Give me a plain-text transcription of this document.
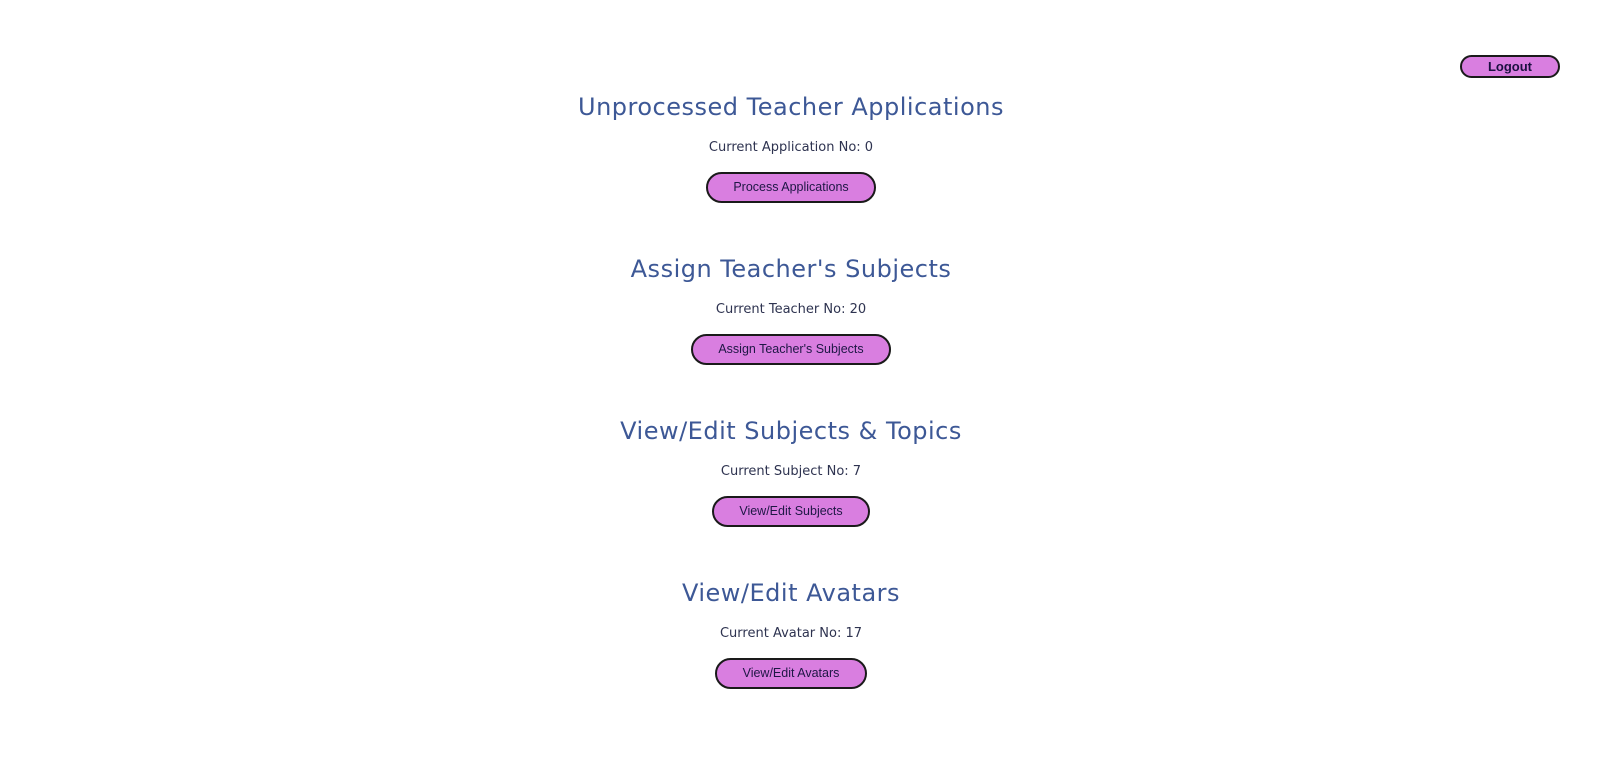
Logout
Unprocessed Teacher Applications

Current Application No: 0

Process Applications
Assign Teacher's Subjects

Current Teacher No: 20

Assign Teacher's Subjects
View/Edit Subjects & Topics

Current Subject No: 7

View/Edit Subjects
View/Edit Avatars

Current Avatar No: 17

View/Edit Avatars
